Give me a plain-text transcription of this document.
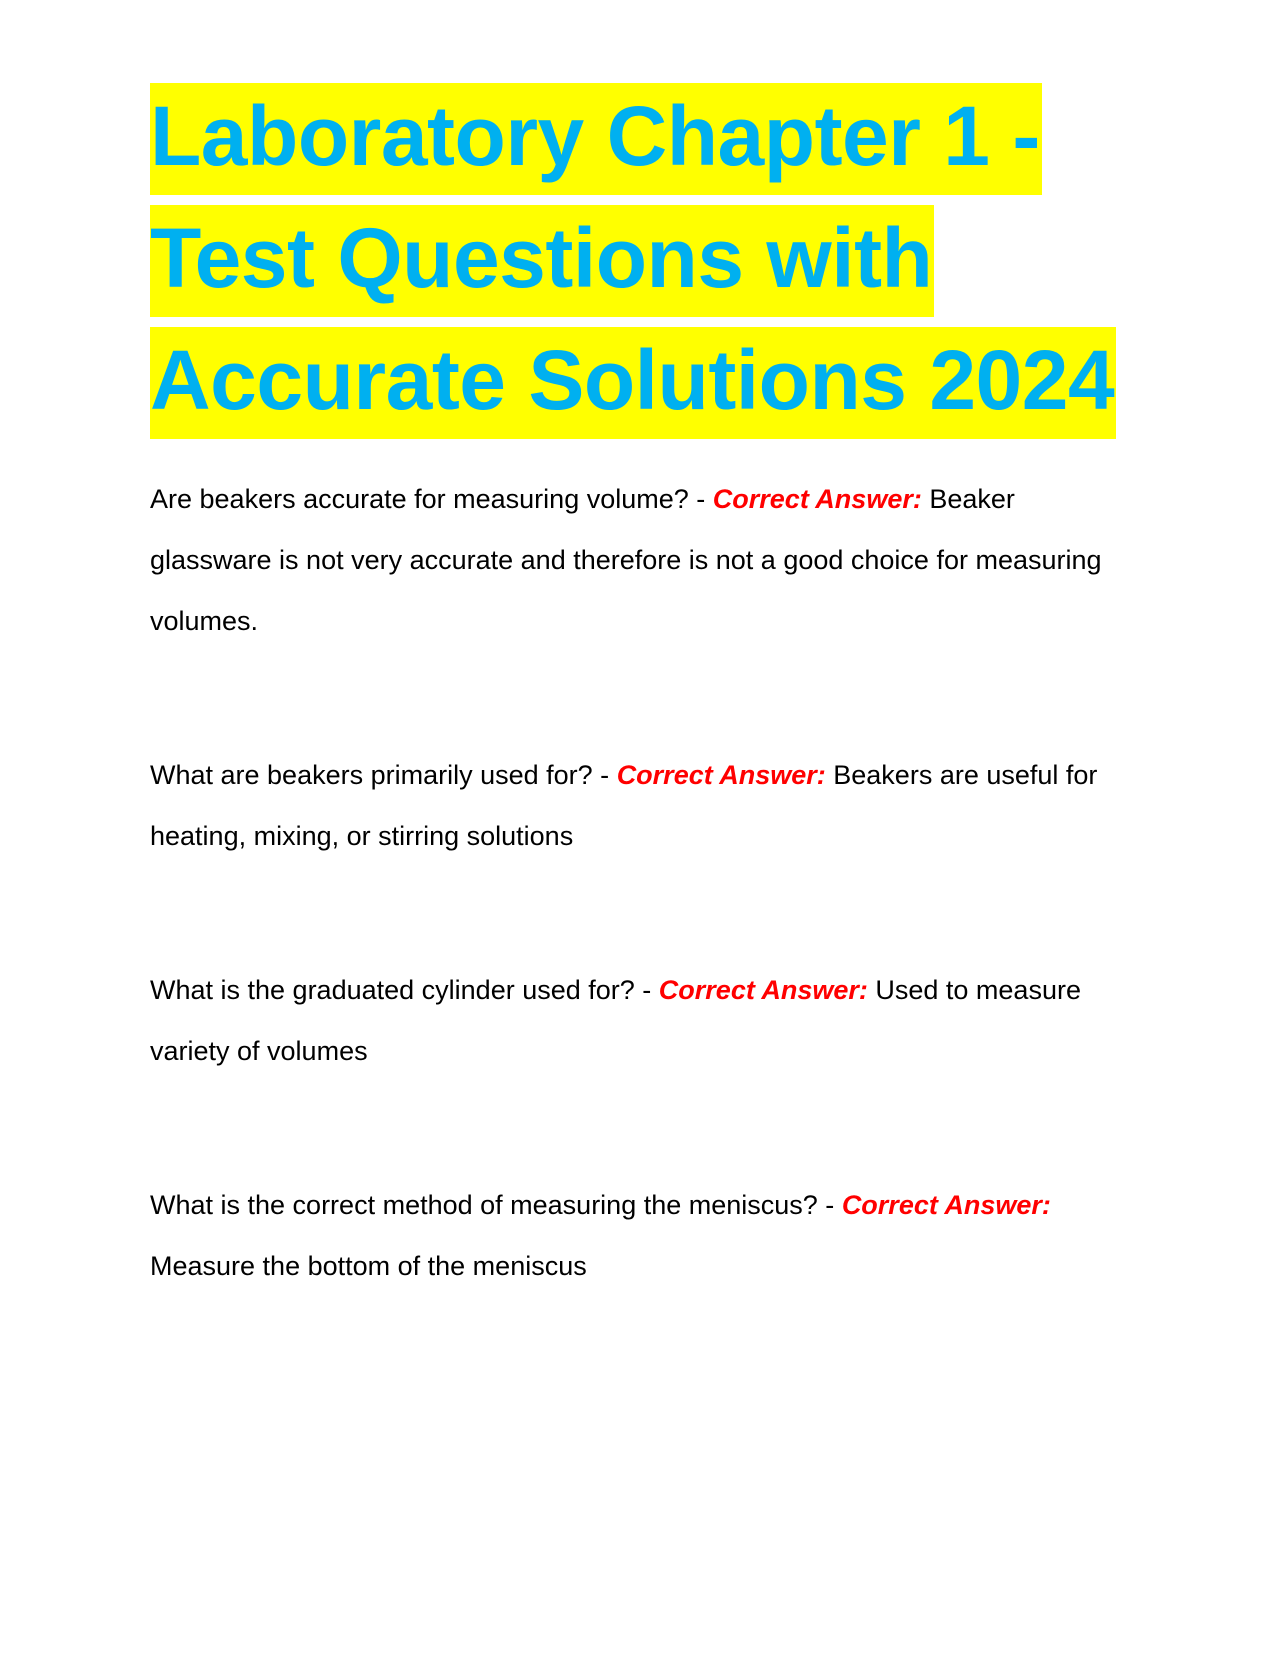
Laboratory Chapter 1 - Test Questions with Accurate Solutions 2024

Are beakers accurate for measuring volume? - Correct Answer: Beaker glassware is not very accurate and therefore is not a good choice for measuring volumes.

What are beakers primarily used for? - Correct Answer: Beakers are useful for heating, mixing, or stirring solutions

What is the graduated cylinder used for? - Correct Answer: Used to measure variety of volumes

What is the correct method of measuring the meniscus? - Correct Answer: Measure the bottom of the meniscus
